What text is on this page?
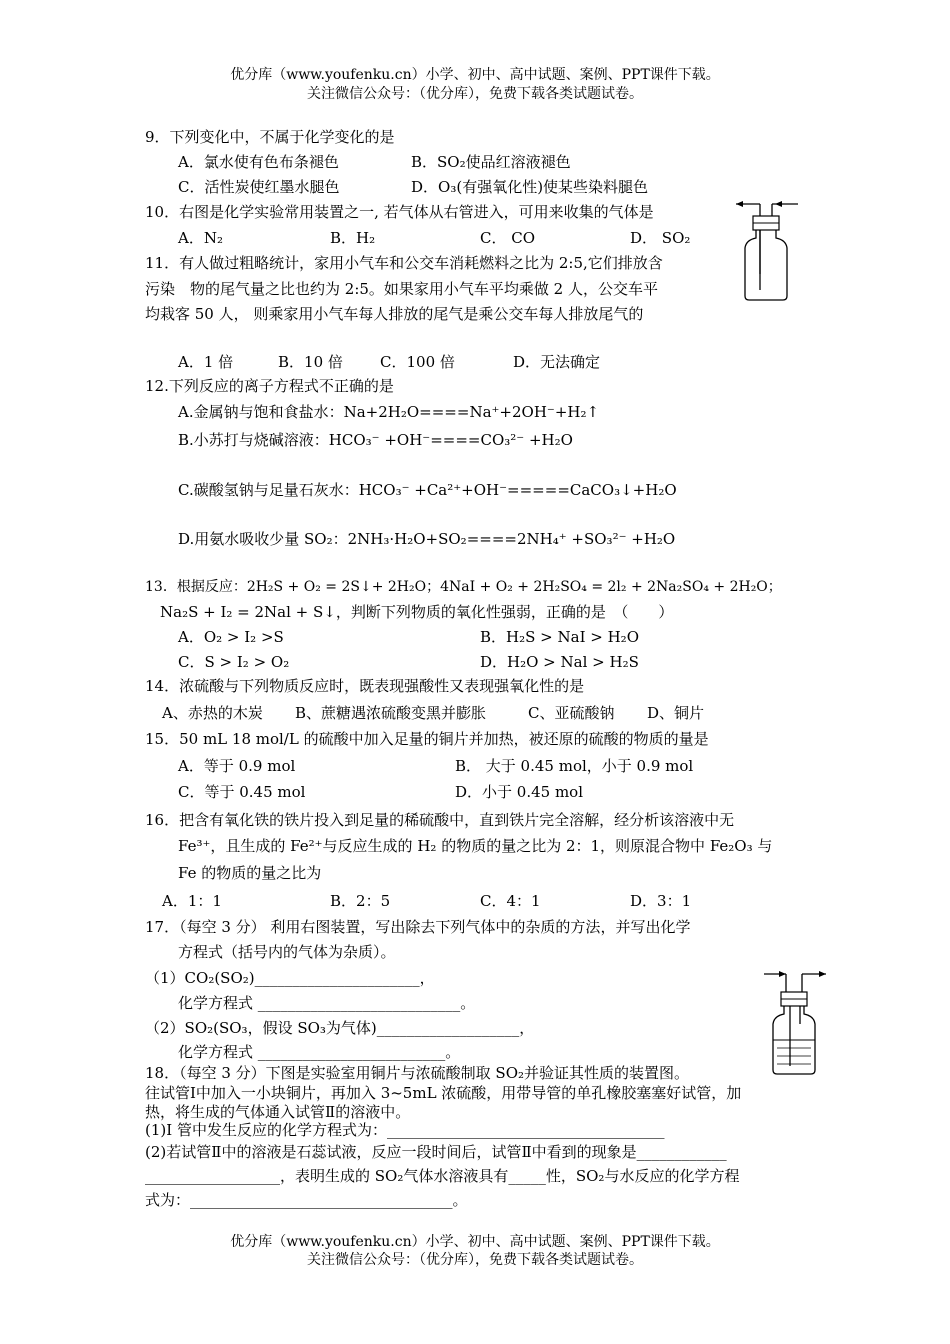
优分库（www.youfenku.cn）小学、初中、高中试题、案例、PPT课件下载。
关注微信公众号：（优分库），免费下载各类试题试卷。
9．下列变化中，不属于化学变化的是
A．氯水使有色布条褪色	B．SO₂使品红溶液褪色
C．活性炭使红墨水腿色	D．O₃(有强氧化性)使某些染料腿色
10．右图是化学实验常用装置之一, 若气体从右管进入，可用来收集的气体是
A．N₂	B．H₂	C． CO	D． SO₂
11．有人做过粗略统计，家用小气车和公交车消耗燃料之比为 2:5,它们排放含
污染　物的尾气量之比也约为 2:5。如果家用小气车平均乘做 2 人，公交车平
均栽客 50 人， 则乘家用小气车每人排放的尾气是乘公交车每人排放尾气的
A．1 倍	B．10 倍 C．100 倍	D．无法确定
12.下列反应的离子方程式不正确的是
A.金属钠与饱和食盐水：Na+2H₂O====Na⁺+2OH⁻+H₂↑
B.小苏打与烧碱溶液：HCO₃⁻ +OH⁻====CO₃²⁻ +H₂O
C.碳酸氢钠与足量石灰水：HCO₃⁻ +Ca²⁺+OH⁻=====CaCO₃↓+H₂O
D.用氨水吸收少量 SO₂：2NH₃·H₂O+SO₂====2NH₄⁺ +SO₃²⁻ +H₂O
13．根据反应：2H₂S + O₂ = 2S↓+ 2H₂O；4NaI + O₂ + 2H₂SO₄ = 2l₂ + 2Na₂SO₄ + 2H₂O；
Na₂S + I₂ = 2Nal + S↓，判断下列物质的氧化性强弱，正确的是　（　　）
A．O₂ > I₂ >S	B．H₂S > NaI > H₂O
C．S > I₂ > O₂	D．H₂O > Nal > H₂S
14．浓硫酸与下列物质反应时，既表现强酸性又表现强氧化性的是
A、赤热的木炭 B、蔗糖遇浓硫酸变黑并膨胀	C、亚硫酸钠 D、铜片
15．50 mL 18 mol/L 的硫酸中加入足量的铜片并加热，被还原的硫酸的物质的量是
A．等于 0.9 mol	B． 大于 0.45 mol，小于 0.9 mol
C．等于 0.45 mol	D．小于 0.45 mol
16．把含有氧化铁的铁片投入到足量的稀硫酸中，直到铁片完全溶解，经分析该溶液中无
Fe³⁺，且生成的 Fe²⁺与反应生成的 H₂ 的物质的量之比为 2：1，则原混合物中 Fe₂O₃ 与
Fe 的物质的量之比为
A．1：1	B．2：5	C．4：1	D．3：1
17．（每空 3 分） 利用右图装置，写出除去下列气体中的杂质的方法，并写出化学
方程式（括号内的气体为杂质）。
（1）CO₂(SO₂)______________________，
化学方程式 ___________________________。
（2）SO₂(SO₃，假设 SO₃为气体)___________________，
化学方程式 _________________________。
18．（每空 3 分）下图是实验室用铜片与浓硫酸制取 SO₂并验证其性质的装置图。
往试管Ⅰ中加入一小块铜片，再加入 3~5mL 浓硫酸，用带导管的单孔橡胶塞塞好试管，加
热，将生成的气体通入试管Ⅱ的溶液中。
(1)Ⅰ 管中发生反应的化学方程式为：_____________________________________
(2)若试管Ⅱ中的溶液是石蕊试液，反应一段时间后，试管Ⅱ中看到的现象是____________
__________________，表明生成的 SO₂气体水溶液具有_____性，SO₂与水反应的化学方程
式为：___________________________________。
优分库（www.youfenku.cn）小学、初中、高中试题、案例、PPT课件下载。
关注微信公众号：（优分库），免费下载各类试题试卷。
